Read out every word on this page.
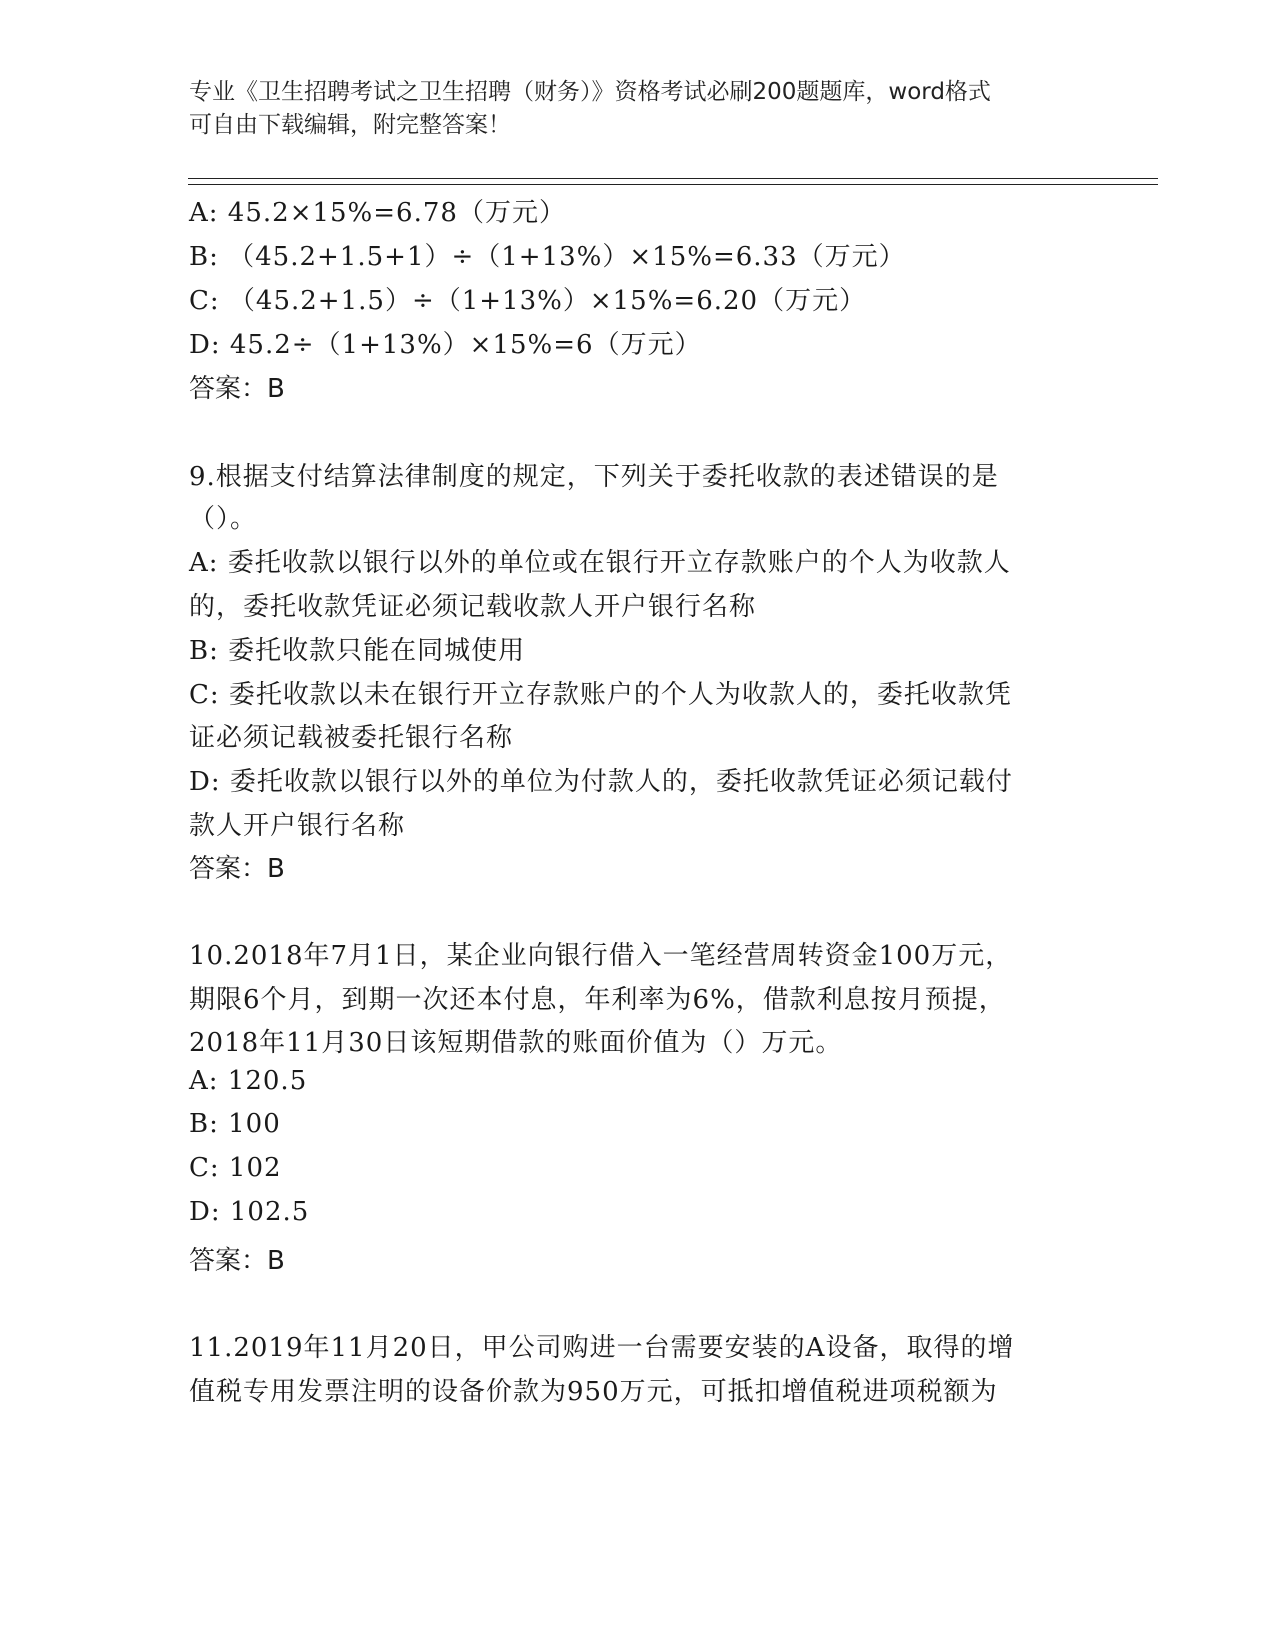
专业《卫生招聘考试之卫生招聘（财务）》资格考试必刷200题题库，word格式
可自由下载编辑，附完整答案！
A: 45.2×15%=6.78（万元）
B: （45.2+1.5+1）÷（1+13%）×15%=6.33（万元）
C: （45.2+1.5）÷（1+13%）×15%=6.20（万元）
D: 45.2÷（1+13%）×15%=6（万元）
答案：B
9.根据支付结算法律制度的规定，下列关于委托收款的表述错误的是
（）。
A: 委托收款以银行以外的单位或在银行开立存款账户的个人为收款人
的，委托收款凭证必须记载收款人开户银行名称
B: 委托收款只能在同城使用
C: 委托收款以未在银行开立存款账户的个人为收款人的，委托收款凭
证必须记载被委托银行名称
D: 委托收款以银行以外的单位为付款人的，委托收款凭证必须记载付
款人开户银行名称
答案：B
10.2018年7月1日，某企业向银行借入一笔经营周转资金100万元，
期限6个月，到期一次还本付息，年利率为6%，借款利息按月预提，
2018年11月30日该短期借款的账面价值为（）万元。
A: 120.5
B: 100
C: 102
D: 102.5
答案：B
11.2019年11月20日，甲公司购进一台需要安装的A设备，取得的增
值税专用发票注明的设备价款为950万元，可抵扣增值税进项税额为
